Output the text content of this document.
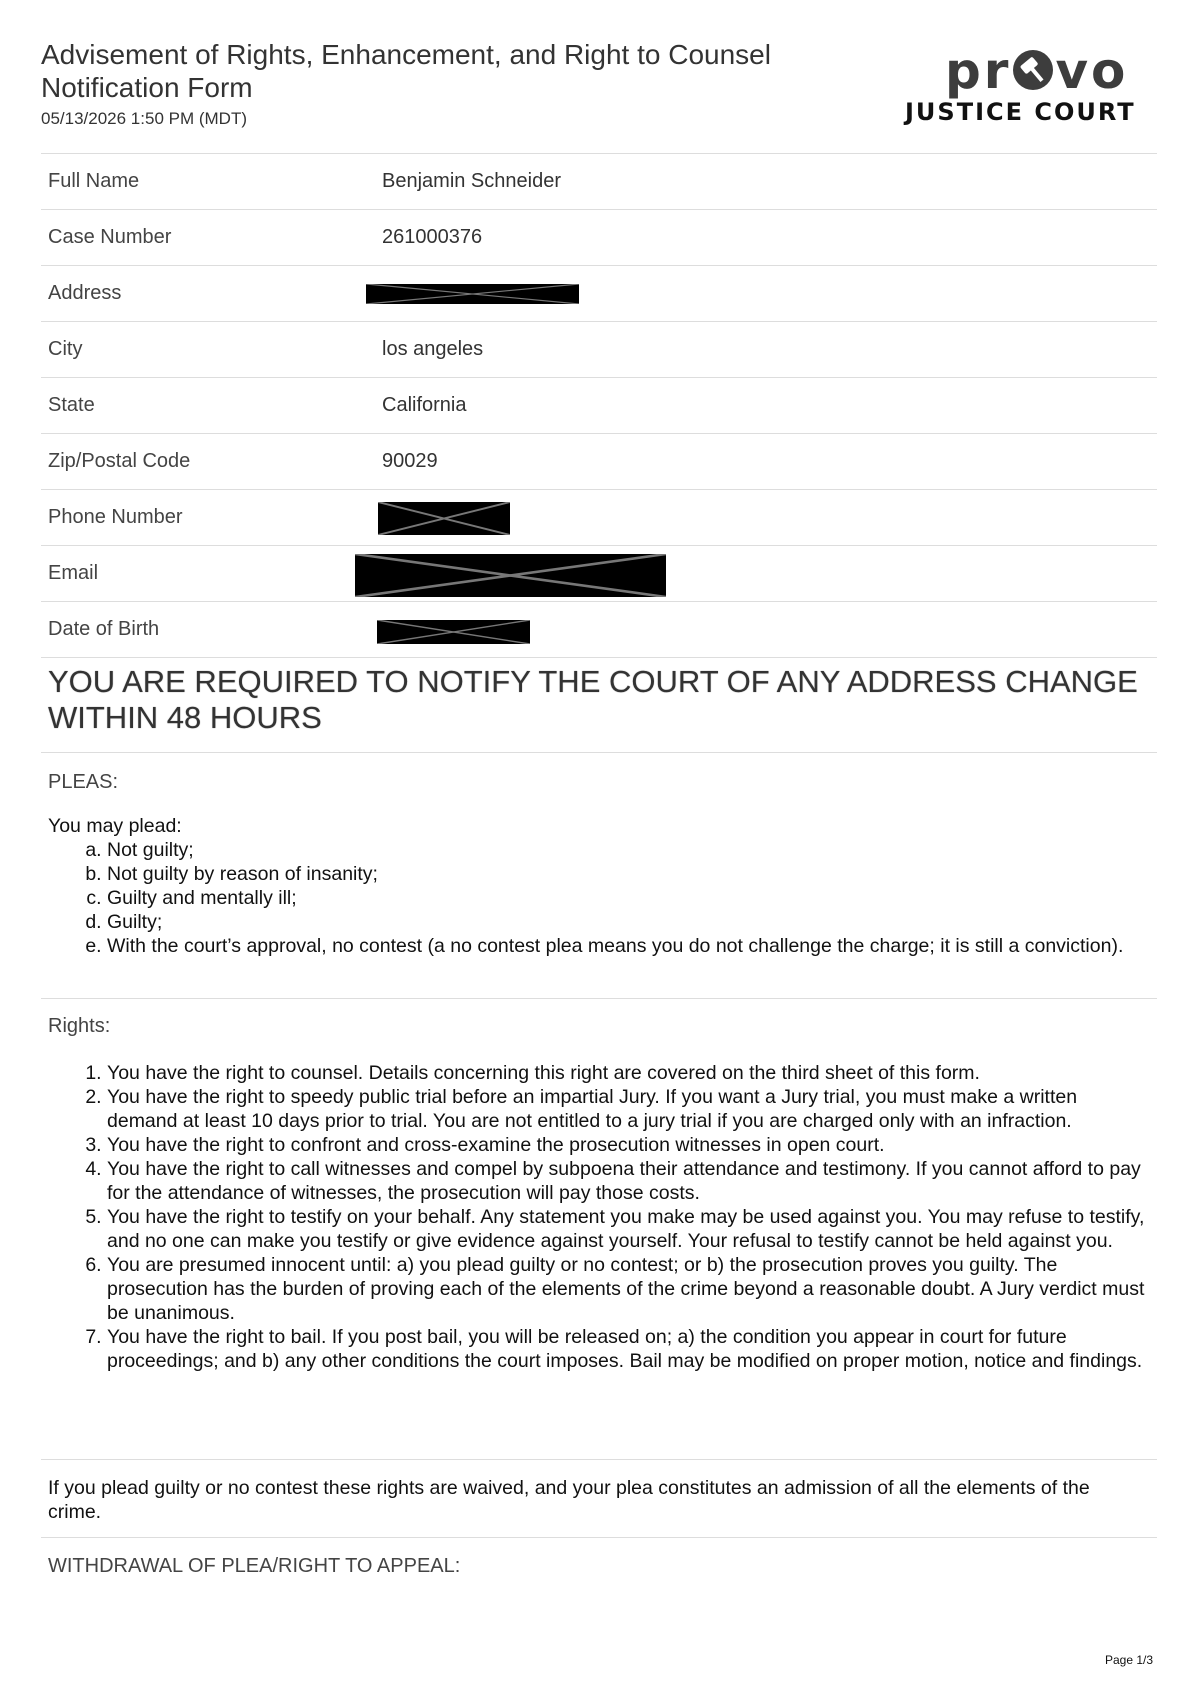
Advisement of Rights, Enhancement, and Right to Counsel Notification Form
05/13/2026 1:50 PM (MDT)
pr vo
JUSTICE COURT
Full Name	Benjamin Schneider
Case Number	261000376
Address
City	los angeles
State	California
Zip/Postal Code	90029
Phone Number
Email
Date of Birth
YOU ARE REQUIRED TO NOTIFY THE COURT OF ANY ADDRESS CHANGE WITHIN 48 HOURS
PLEAS:
You may plead:
a. Not guilty;
b. Not guilty by reason of insanity;
c. Guilty and mentally ill;
d. Guilty;
e. With the court’s approval, no contest (a no contest plea means you do not challenge the charge; it is still a conviction).
Rights:
1. You have the right to counsel. Details concerning this right are covered on the third sheet of this form.
2. You have the right to speedy public trial before an impartial Jury. If you want a Jury trial, you must make a written demand at least 10 days prior to trial. You are not entitled to a jury trial if you are charged only with an infraction.
3. You have the right to confront and cross-examine the prosecution witnesses in open court.
4. You have the right to call witnesses and compel by subpoena their attendance and testimony. If you cannot afford to pay for the attendance of witnesses, the prosecution will pay those costs.
5. You have the right to testify on your behalf. Any statement you make may be used against you. You may refuse to testify, and no one can make you testify or give evidence against yourself. Your refusal to testify cannot be held against you.
6. You are presumed innocent until: a) you plead guilty or no contest; or b) the prosecution proves you guilty. The prosecution has the burden of proving each of the elements of the crime beyond a reasonable doubt. A Jury verdict must be unanimous.
7. You have the right to bail. If you post bail, you will be released on; a) the condition you appear in court for future proceedings; and b) any other conditions the court imposes. Bail may be modified on proper motion, notice and findings.
If you plead guilty or no contest these rights are waived, and your plea constitutes an admission of all the elements of the crime.
WITHDRAWAL OF PLEA/RIGHT TO APPEAL:
Page 1/3
